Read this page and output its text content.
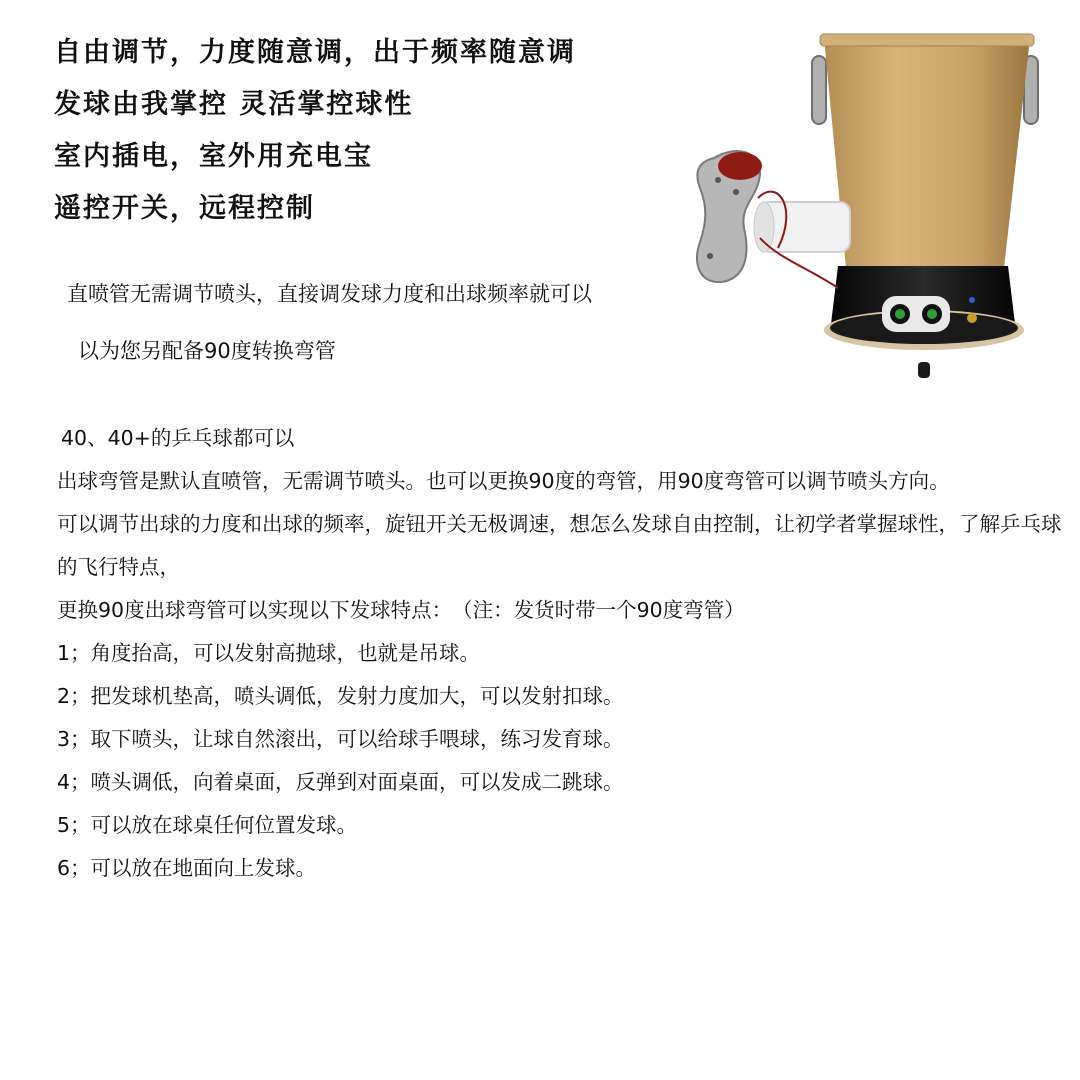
自由调节，力度随意调，出于频率随意调
发球由我掌控 灵活掌控球性
室内插电，室外用充电宝
遥控开关，远程控制

直喷管无需调节喷头，直接调发球力度和出球频率就可以

以为您另配备90度转换弯管

40、40+的乒乓球都可以

出球弯管是默认直喷管，无需调节喷头。也可以更换90度的弯管，用90度弯管可以调节喷头方向。

可以调节出球的力度和出球的频率，旋钮开关无极调速，想怎么发球自由控制，让初学者掌握球性，了解乒乓球的飞行特点，

更换90度出球弯管可以实现以下发球特点：　（注：发货时带一个90度弯管）

1；角度抬高，可以发射高抛球，也就是吊球。

2；把发球机垫高，喷头调低，发射力度加大，可以发射扣球。

3；取下喷头，让球自然滚出，可以给球手喂球，练习发育球。

4；喷头调低，向着桌面，反弹到对面桌面，可以发成二跳球。

5；可以放在球桌任何位置发球。

6；可以放在地面向上发球。
